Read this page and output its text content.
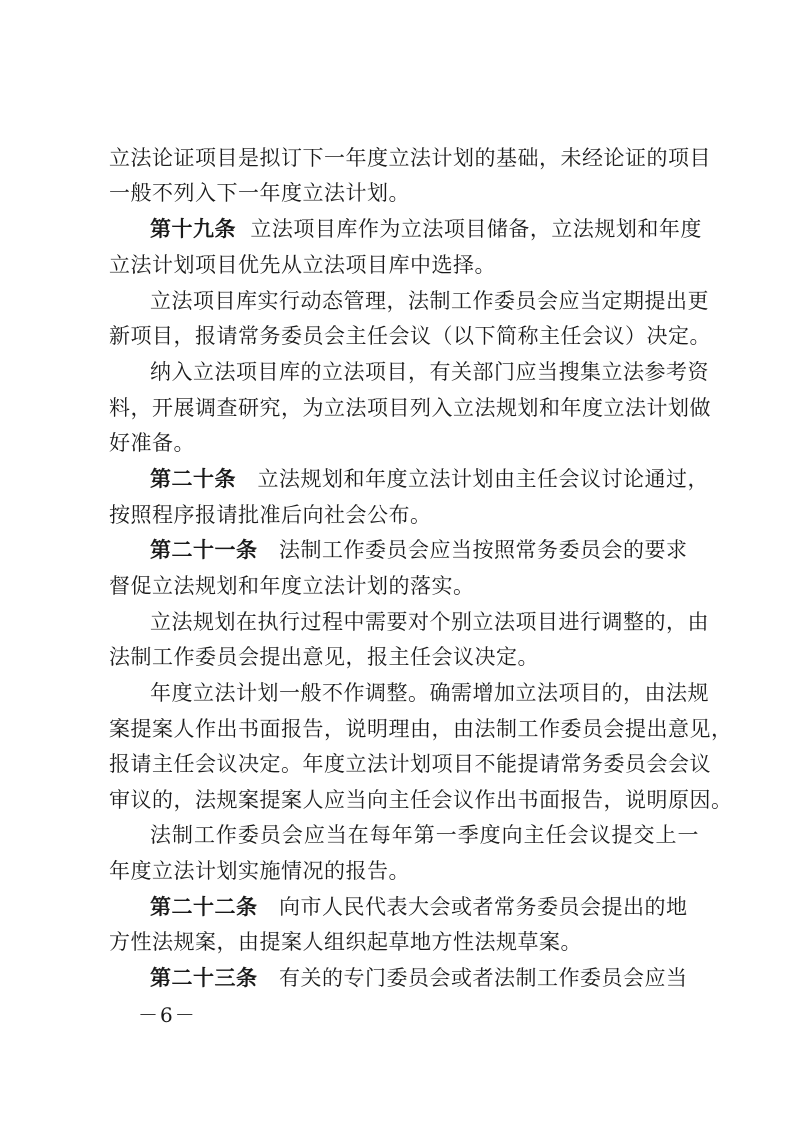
立法论证项目是拟订下一年度立法计划的基础，未经论证的项目
一般不列入下一年度立法计划。
第十九条 立法项目库作为立法项目储备，立法规划和年度
立法计划项目优先从立法项目库中选择。
立法项目库实行动态管理，法制工作委员会应当定期提出更
新项目，报请常务委员会主任会议（以下简称主任会议）决定。
纳入立法项目库的立法项目，有关部门应当搜集立法参考资
料，开展调查研究，为立法项目列入立法规划和年度立法计划做
好准备。
第二十条 立法规划和年度立法计划由主任会议讨论通过，
按照程序报请批准后向社会公布。
第二十一条 法制工作委员会应当按照常务委员会的要求
督促立法规划和年度立法计划的落实。
立法规划在执行过程中需要对个别立法项目进行调整的，由
法制工作委员会提出意见，报主任会议决定。
年度立法计划一般不作调整。确需增加立法项目的，由法规
案提案人作出书面报告，说明理由，由法制工作委员会提出意见，
报请主任会议决定。年度立法计划项目不能提请常务委员会会议
审议的，法规案提案人应当向主任会议作出书面报告，说明原因。
法制工作委员会应当在每年第一季度向主任会议提交上一
年度立法计划实施情况的报告。
第二十二条 向市人民代表大会或者常务委员会提出的地
方性法规案，由提案人组织起草地方性法规草案。
第二十三条 有关的专门委员会或者法制工作委员会应当
－6－
